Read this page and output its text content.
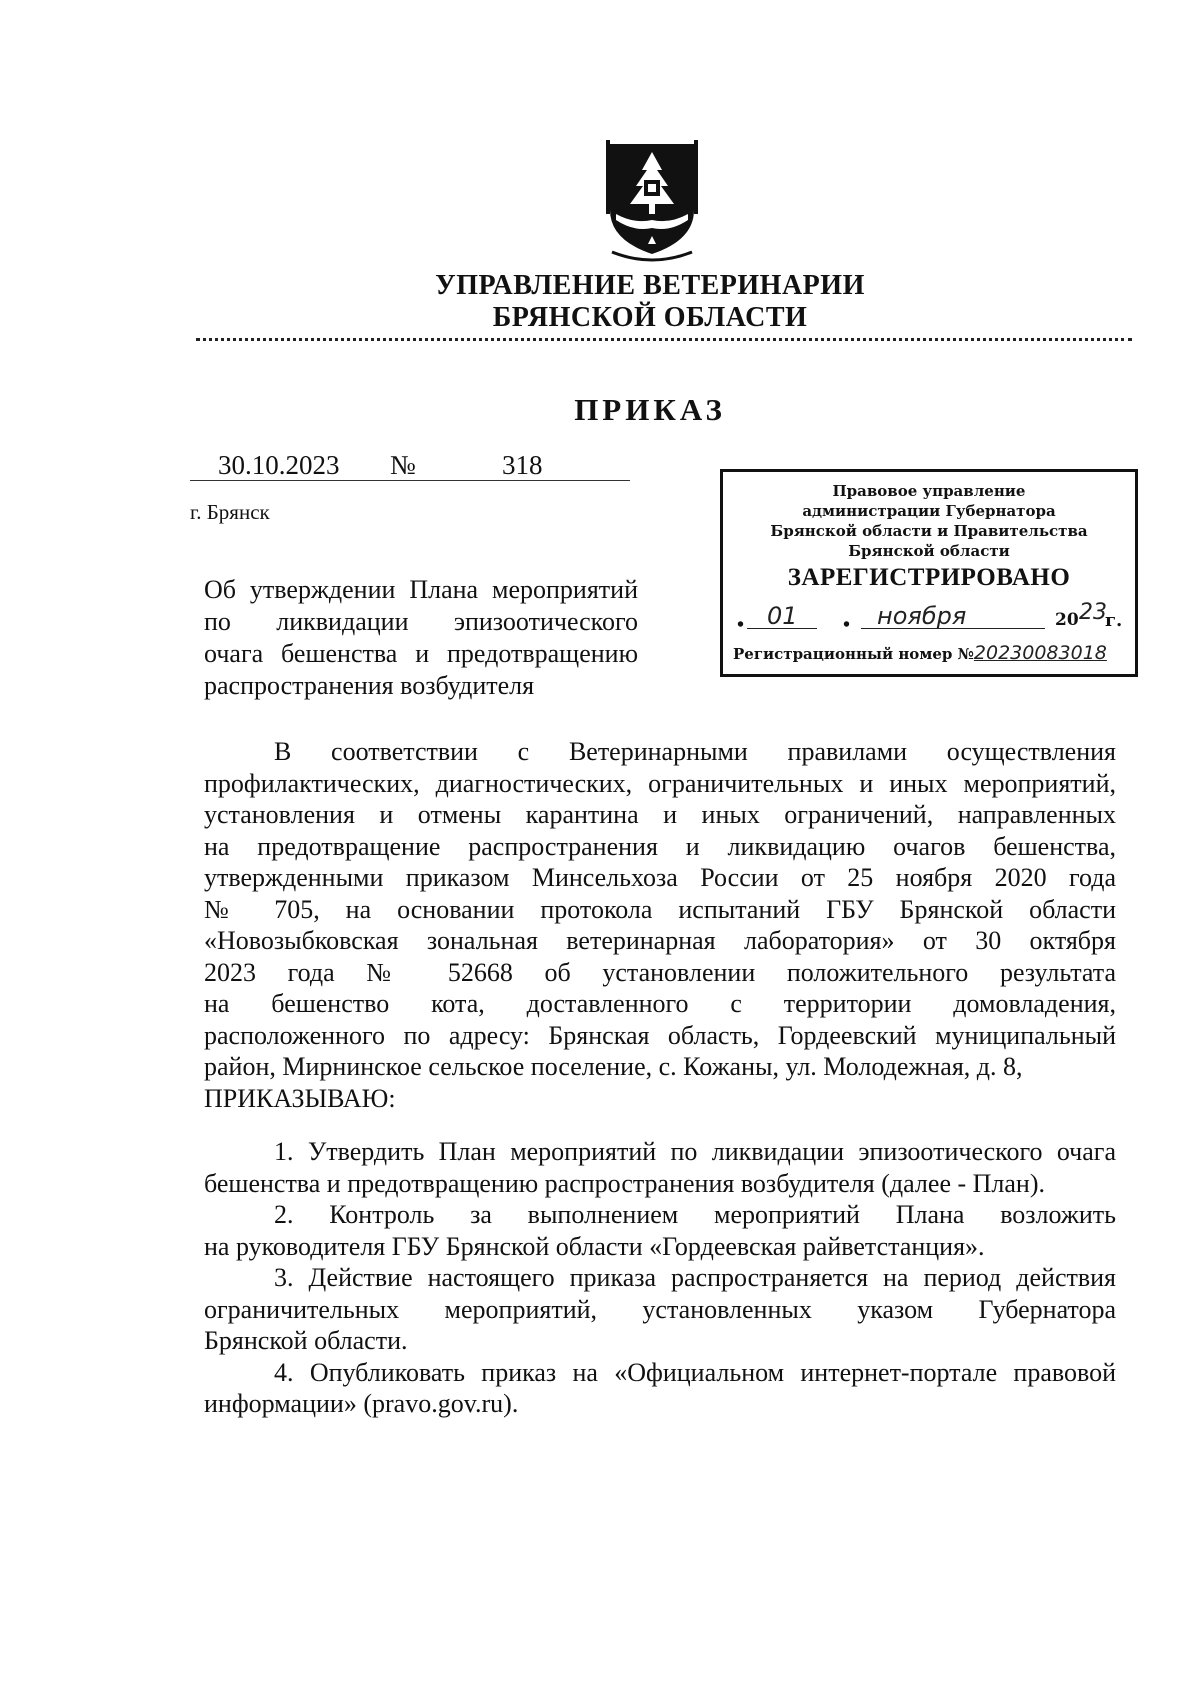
УПРАВЛЕНИЕ ВЕТЕРИНАРИИ
БРЯНСКОЙ ОБЛАСТИ
ПРИКАЗ
30.10.2023 №	318
г. Брянск
Об утверждении Плана мероприятий
по ликвидации эпизоотического
очага бешенства и предотвращению
распространения возбудителя
Правовое управление
администрации Губернатора
Брянской области и Правительства
Брянской области
ЗАРЕГИСТРИРОВАНО
• 01 • ноября	20 23
г.
Регистрационный номер №20230083018
В соответствии с Ветеринарными правилами осуществления
профилактических, диагностических, ограничительных и иных мероприятий,
установления и отмены карантина и иных ограничений, направленных
на предотвращение распространения и ликвидацию очагов бешенства,
утвержденными приказом Минсельхоза России от 25 ноября 2020 года
№ 705, на основании протокола испытаний ГБУ Брянской области
«Новозыбковская зональная ветеринарная лаборатория» от 30 октября
2023 года № 52668 об установлении положительного результата
на бешенство кота, доставленного с территории домовладения,
расположенного по адресу: Брянская область, Гордеевский муниципальный
район, Мирнинское сельское поселение, с. Кожаны, ул. Молодежная, д. 8,
ПРИКАЗЫВАЮ:
1. Утвердить План мероприятий по ликвидации эпизоотического очага
бешенства и предотвращению распространения возбудителя (далее - План).
2. Контроль за выполнением мероприятий Плана возложить
на руководителя ГБУ Брянской области «Гордеевская райветстанция».
3. Действие настоящего приказа распространяется на период действия
ограничительных мероприятий, установленных указом Губернатора
Брянской области.
4. Опубликовать приказ на «Официальном интернет-портале правовой
информации» (pravo.gov.ru).
